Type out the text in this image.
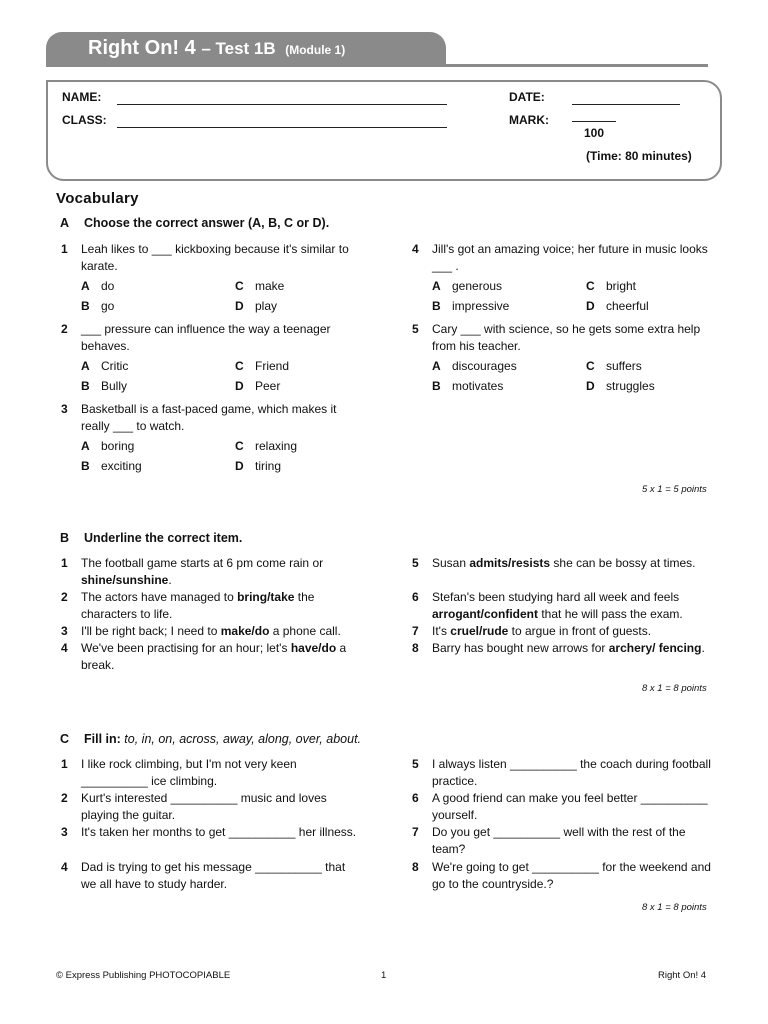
Right On! 4 – Test 1B (Module 1)
NAME:
CLASS:
DATE:
MARK:
100
(Time: 80 minutes)
Vocabulary
A Choose the correct answer (A, B, C or D).
1 Leah likes to ___ kickboxing because it's similar to karate.
A do	C make
B go	D play
2 ___ pressure can influence the way a teenager behaves.
A Critic	C Friend
B Bully	D Peer
3 Basketball is a fast-paced game, which makes it really ___ to watch.
A boring	C relaxing
B exciting	D tiring
4 Jill's got an amazing voice; her future in music looks ___ .
A generous	C bright
B impressive	D cheerful
5 Cary ___ with science, so he gets some extra help from his teacher.
A discourages	C suffers
B motivates	D struggles
5 x 1 = 5 points
B Underline the correct item.
1 The football game starts at 6 pm come rain or shine/sunshine.
2 The actors have managed to bring/take the characters to life.
3 I'll be right back; I need to make/do a phone call.
4 We've been practising for an hour; let's have/do a break.
5 Susan admits/resists she can be bossy at times.
6 Stefan's been studying hard all week and feels arrogant/confident that he will pass the exam.
7 It's cruel/rude to argue in front of guests.
8 Barry has bought new arrows for archery/ fencing.
8 x 1 = 8 points
C Fill in: to, in, on, across, away, along, over, about.
1 I like rock climbing, but I'm not very keen __________ ice climbing.
2 Kurt's interested __________ music and loves playing the guitar.
3 It's taken her months to get __________ her illness.
4 Dad is trying to get his message __________ that we all have to study harder.
5 I always listen __________ the coach during football practice.
6 A good friend can make you feel better __________ yourself.
7 Do you get __________ well with the rest of the team?
8 We're going to get __________ for the weekend and go to the countryside.?
8 x 1 = 8 points
© Express Publishing PHOTOCOPIABLE	1	Right On! 4
